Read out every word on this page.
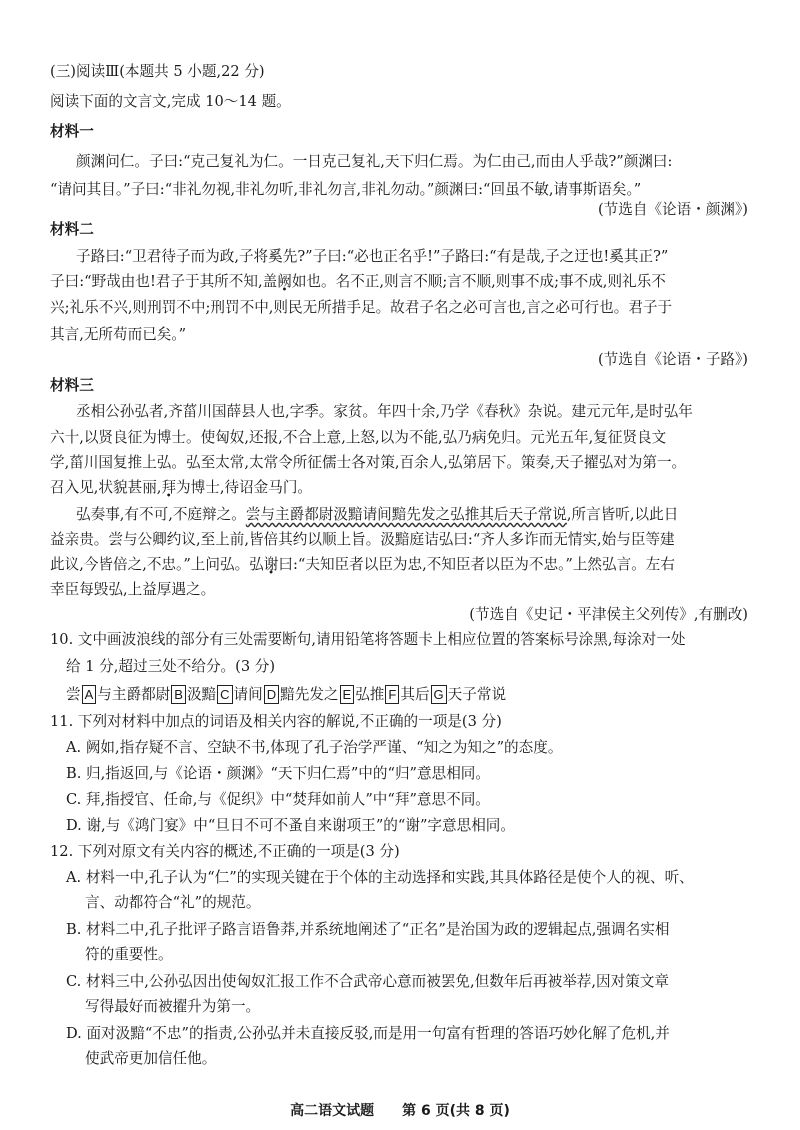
(三)阅读Ⅲ(本题共 5 小题,22 分)
阅读下面的文言文,完成 10～14 题。
材料一
颜渊问仁。子曰:“克己复礼为仁。一日克己复礼,天下归仁焉。为仁由己,而由人乎哉?”颜渊曰:
“请问其目。”子曰:“非礼勿视,非礼勿听,非礼勿言,非礼勿动。”颜渊曰:“回虽不敏,请事斯语矣。”
(节选自《论语・颜渊》)
材料二
子路曰:“卫君待子而为政,子将奚先?”子曰:“必也正名乎!”子路曰:“有是哉,子之迂也!奚其正?”
子曰:“野哉由也!君子于其所不知,盖阙如也。名不正,则言不顺;言不顺,则事不成;事不成,则礼乐不
兴;礼乐不兴,则刑罚不中;刑罚不中,则民无所措手足。故君子名之必可言也,言之必可行也。君子于
其言,无所苟而已矣。”
(节选自《论语・子路》)
材料三
丞相公孙弘者,齐菑川国薛县人也,字季。家贫。年四十余,乃学《春秋》杂说。建元元年,是时弘年
六十,以贤良征为博士。使匈奴,还报,不合上意,上怒,以为不能,弘乃病免归。元光五年,复征贤良文
学,菑川国复推上弘。弘至太常,太常令所征儒士各对策,百余人,弘第居下。策奏,天子擢弘对为第一。
召入见,状貌甚丽,拜为博士,待诏金马门。
弘奏事,有不可,不庭辩之。尝与主爵都尉汲黯请间黯先发之弘推其后天子常说,所言皆听,以此日
益亲贵。尝与公卿约议,至上前,皆倍其约以顺上旨。汲黯庭诘弘曰:“齐人多诈而无情实,始与臣等建
此议,今皆倍之,不忠。”上问弘。弘谢曰:“夫知臣者以臣为忠,不知臣者以臣为不忠。”上然弘言。左右
幸臣每毁弘,上益厚遇之。
(节选自《史记・平津侯主父列传》,有删改)
10. 文中画波浪线的部分有三处需要断句,请用铅笔将答题卡上相应位置的答案标号涂黑,每涂对一处
给 1 分,超过三处不给分。(3 分)
尝 A 与主爵都尉 B 汲黯 C 请间 D 黯先发之 E 弘推 F 其后 G 天子常说
11. 下列对材料中加点的词语及相关内容的解说,不正确的一项是(3 分)
A. 阙如,指存疑不言、空缺不书,体现了孔子治学严谨、“知之为知之”的态度。
B. 归,指返回,与《论语・颜渊》“天下归仁焉”中的“归”意思相同。
C. 拜,指授官、任命,与《促织》中“焚拜如前人”中“拜”意思不同。
D. 谢,与《鸿门宴》中“旦日不可不蚤自来谢项王”的“谢”字意思相同。
12. 下列对原文有关内容的概述,不正确的一项是(3 分)
A. 材料一中,孔子认为“仁”的实现关键在于个体的主动选择和实践,其具体路径是使个人的视、听、
言、动都符合“礼”的规范。
B. 材料二中,孔子批评子路言语鲁莽,并系统地阐述了“正名”是治国为政的逻辑起点,强调名实相
符的重要性。
C. 材料三中,公孙弘因出使匈奴汇报工作不合武帝心意而被罢免,但数年后再被举荐,因对策文章
写得最好而被擢升为第一。
D. 面对汲黯“不忠”的指责,公孙弘并未直接反驳,而是用一句富有哲理的答语巧妙化解了危机,并
使武帝更加信任他。
高二语文试题 第 6 页(共 8 页)
